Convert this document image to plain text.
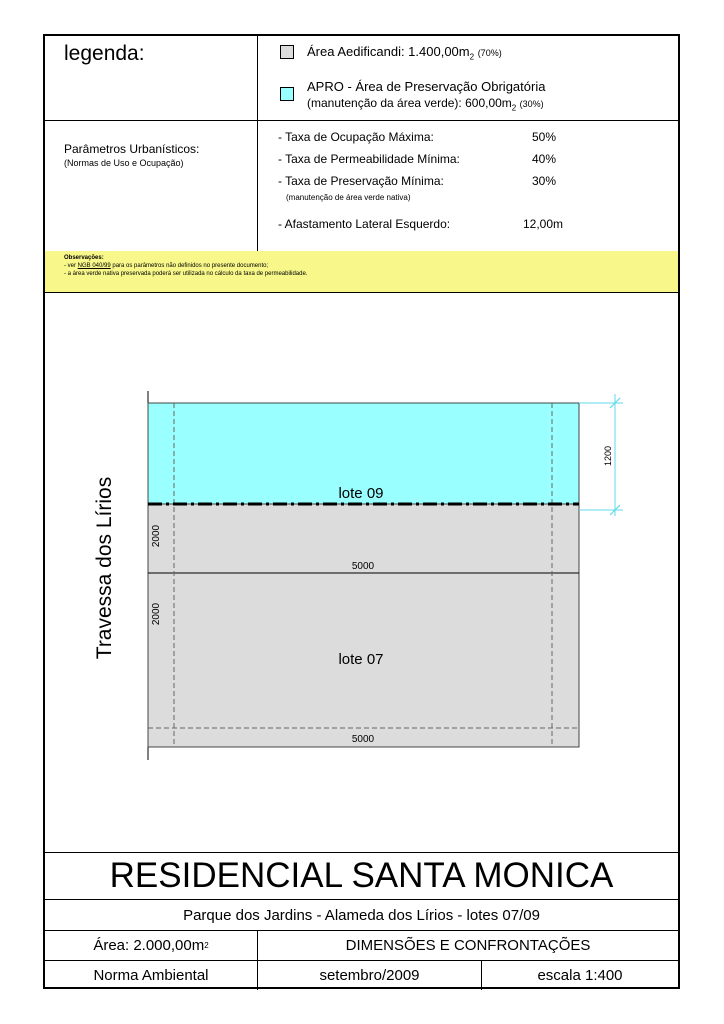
legenda:	Área Aedificandi: $1.400,00m_2$ (70%)
APRO - Área de Preservação Obrigatória
(manutenção da área verde): $600,00m_2$ (30%)
Parâmetros Urbanísticos:
(Normas de Uso e Ocupação)
- Taxa de Ocupação Máxima:	50%
- Taxa de Permeabilidade Mínima:	40%
- Taxa de Preservação Mínima:	30%
(manutenção de área verde nativa)
- Afastamento Lateral Esquerdo:	12,00m
Observações:
- ver NGB 040/99 para os parâmetros não definidos no presente documento;
- a área verde nativa preservada poderá ser utilizada no cálculo da taxa de permeabilidade.
1200
lote 09
lote 07
5000
5000
2000
2000
Travessa dos Lírios
RESIDENCIAL SANTA MONICA
Parque dos Jardins - Alameda dos Lírios - lotes 07/09
Área: 2.000,00m 2	DIMENSÕES E CONFRONTAÇÕES
Norma Ambiental	setembro/2009	escala 1:400
